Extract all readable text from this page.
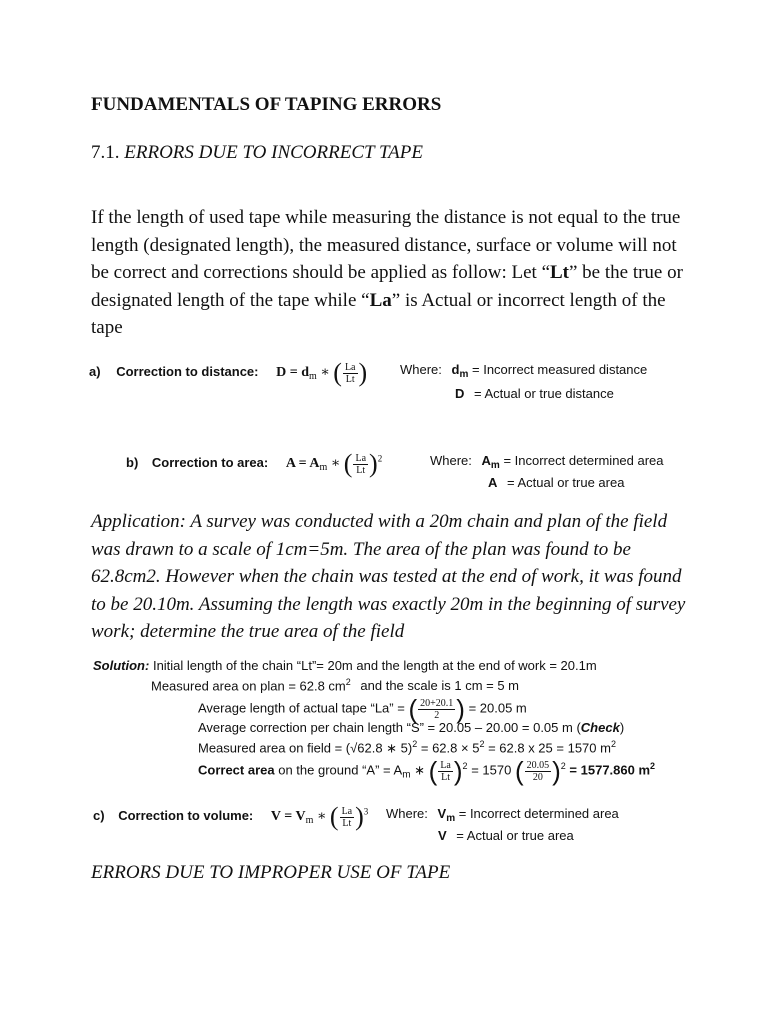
FUNDAMENTALS OF TAPING ERRORS
7.1. ERRORS DUE TO INCORRECT TAPE
If the length of used tape while measuring the distance is not equal to the true length (designated length), the measured distance, surface or volume will not be correct and corrections should be applied as follow: Let “Lt” be the true or designated length of the tape while “La” is Actual or incorrect length of the tape
a) Correction to distance: $D = d_m$ ∗ ( $\frac{La}{Lt}$ )	Where: $d_m$ = Incorrect measured distance
D = Actual or true distance
b) Correction to area: $A = A_m$ ∗ ( $\frac{La}{Lt} )^2$	Where: $A_m$ = Incorrect determined area
A = Actual or true area
Application: A survey was conducted with a 20m chain and plan of the field was drawn to a scale of 1cm=5m. The area of the plan was found to be 62.8cm2. However when the chain was tested at the end of work, it was found to be 20.10m. Assuming the length was exactly 20m in the beginning of survey work; determine the true area of the field
Solution: Initial length of the chain “Lt”= 20m and the length at the end of work = 20.1m
Measured area on plan = 62.8 $cm^2$ and the scale is 1 cm = 5 m
Average length of actual tape “La” = ( $\frac{20+20.1}{2}$ ) = 20.05 m
Average correction per chain length “S” = 20.05 – 20.00 = 0.05 m (Check)
Measured area on field = (√62.8 ∗ $5)^2 = 62.8 \times 5^2 = 62.8$ x 25 = 1570 $m^2$
Correct area on the ground “A” = $A_m$ ∗ ( $\frac{La}{Lt} )^2 = 1570$ ( $\frac{20.05}{20} )^2 = 1577.860$ $m^2$
c) Correction to volume: $V = V_m$ ∗ ( $\frac{La}{Lt} )^3$ Where: $V_m$ = Incorrect determined area
V = Actual or true area
ERRORS DUE TO IMPROPER USE OF TAPE
